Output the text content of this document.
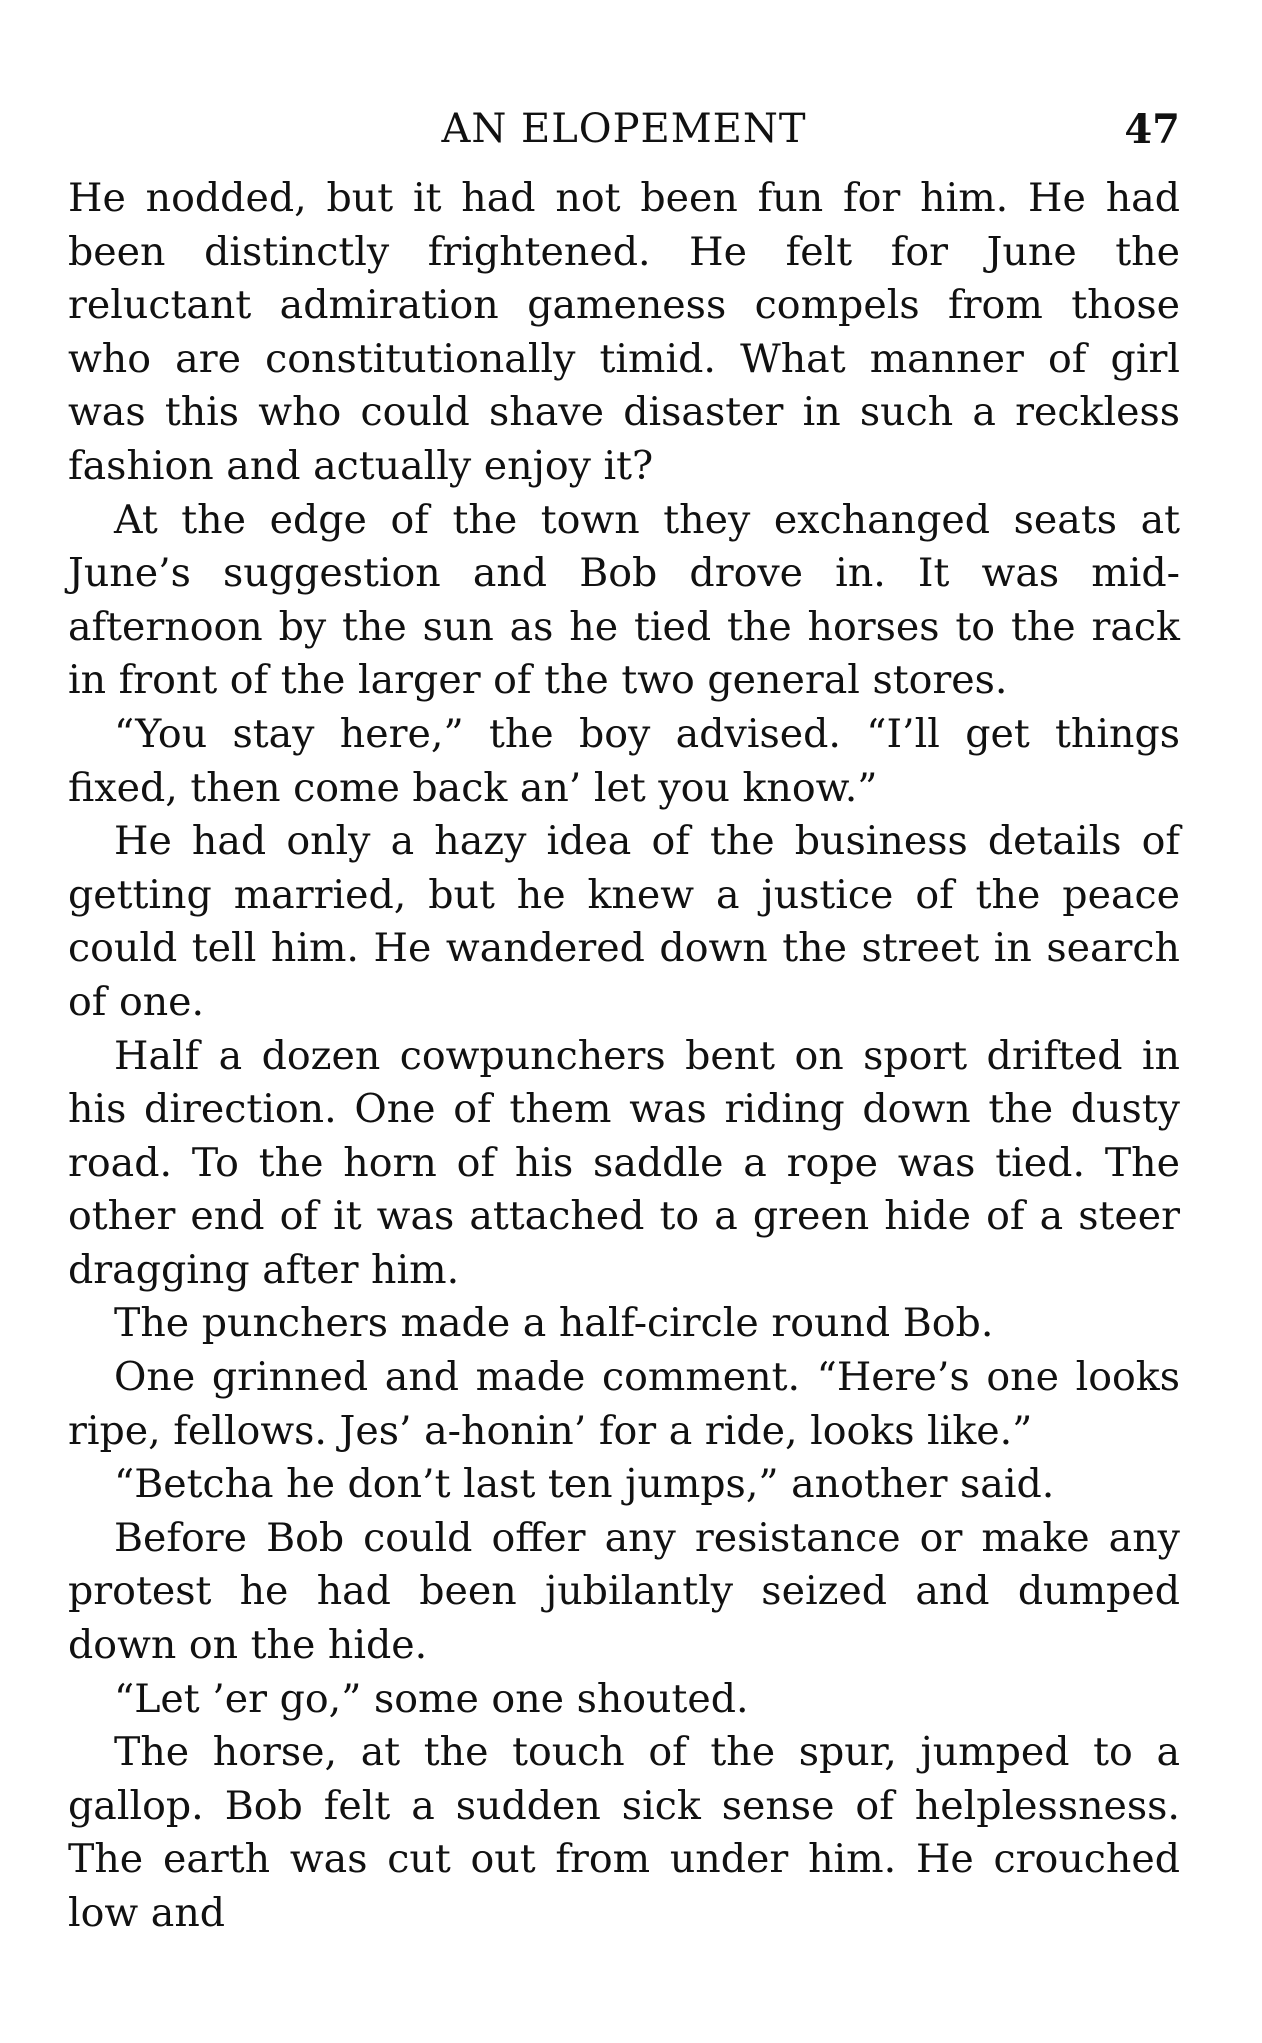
AN ELOPEMENT	47

He nodded, but it had not been fun for him. He had been distinctly frightened. He felt for June the reluctant admiration gameness compels from those who are constitutionally timid. What manner of girl was this who could shave disaster in such a reckless fashion and actually enjoy it?

At the edge of the town they exchanged seats at June’s suggestion and Bob drove in. It was mid-afternoon by the sun as he tied the horses to the rack in front of the larger of the two general stores.

“You stay here,” the boy advised. “I’ll get things fixed, then come back an’ let you know.”

He had only a hazy idea of the business details of getting married, but he knew a justice of the peace could tell him. He wandered down the street in search of one.

Half a dozen cowpunchers bent on sport drifted in his direction. One of them was riding down the dusty road. To the horn of his saddle a rope was tied. The other end of it was attached to a green hide of a steer dragging after him.

The punchers made a half-circle round Bob.

One grinned and made comment. “Here’s one looks ripe, fellows. Jes’ a-honin’ for a ride, looks like.”

“Betcha he don’t last ten jumps,” another said.

Before Bob could offer any resistance or make any protest he had been jubilantly seized and dumped down on the hide.

“Let ’er go,” some one shouted.

The horse, at the touch of the spur, jumped to a gallop. Bob felt a sudden sick sense of helplessness. The earth was cut out from under him. He crouched low and
